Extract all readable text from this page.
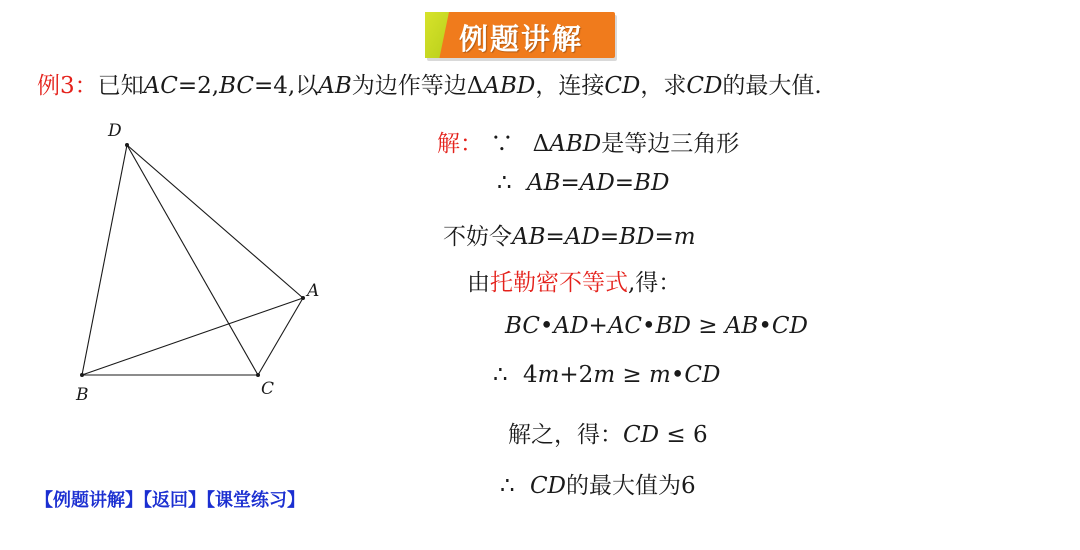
例题讲解
例3：已知AC=2,BC=4,以AB为边作等边ΔABD，连接CD，求CD的最大值.
D
A
B	C
解： ∵ ΔABD是等边三角形
∴ AB=AD=BD
不妨令AB=AD=BD=m
由托勒密不等式,得：
BC•AD+AC•BD ≥ AB•CD
∴ 4m+2m ≥ m•CD
解之，得：CD ≤ 6
∴ CD的最大值为6
【例题讲解】【返回】【课堂练习】
